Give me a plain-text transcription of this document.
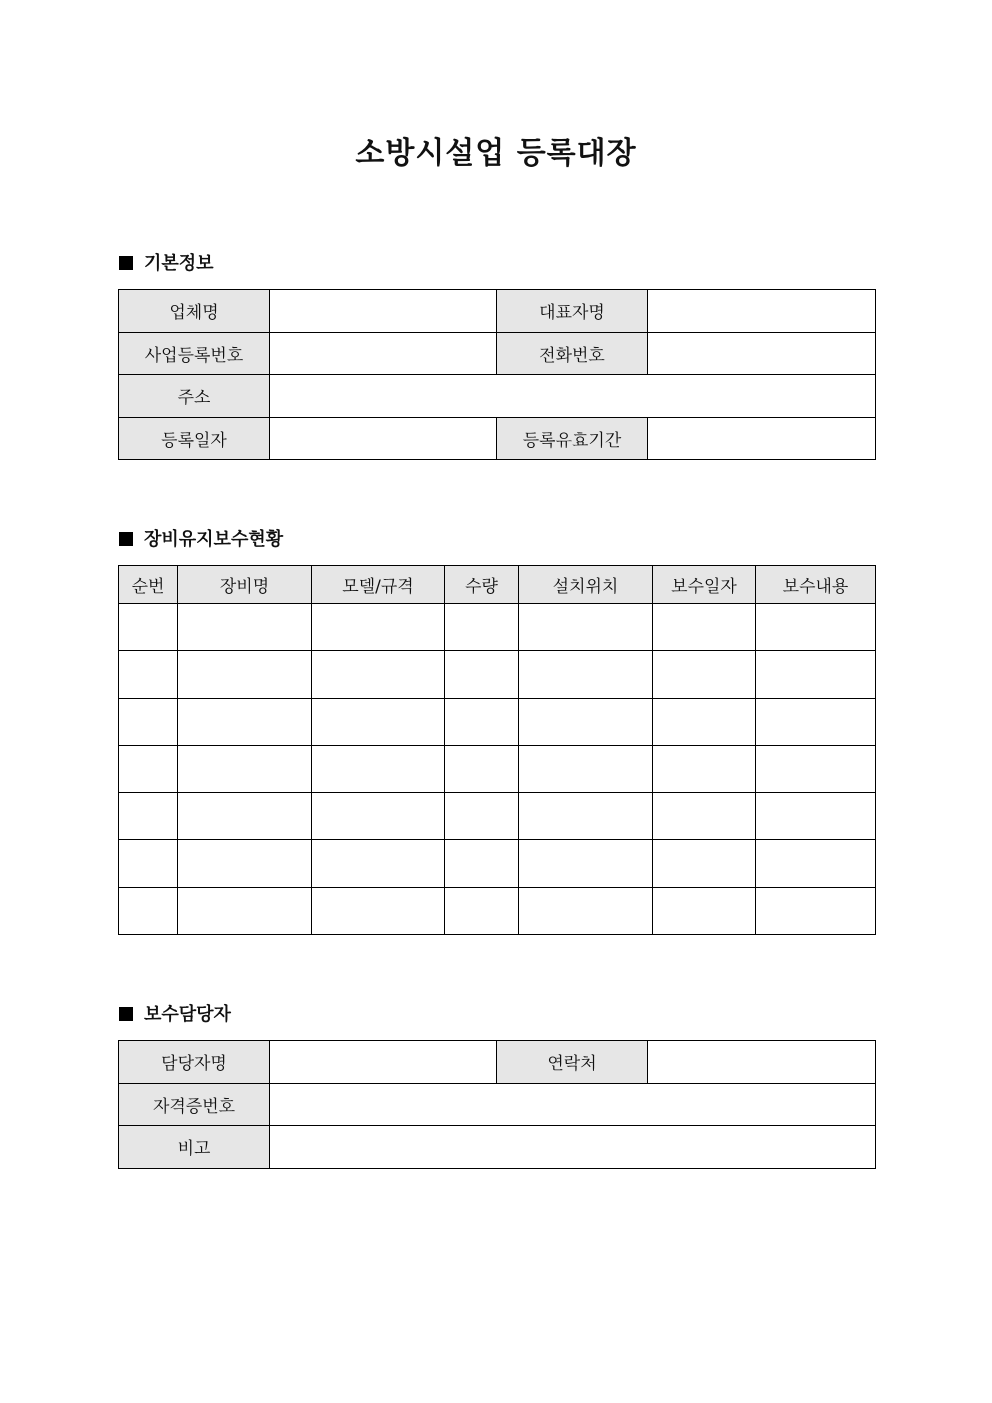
소방시설업 등록대장
기본정보
업체명		대표자명	
사업등록번호		전화번호	
주소			
등록일자		등록유효기간	
장비유지보수현황
순번	장비명	모델/규격	수량	설치위치	보수일자	보수내용

보수담당자
담당자명		연락처	
자격증번호			
비고			
